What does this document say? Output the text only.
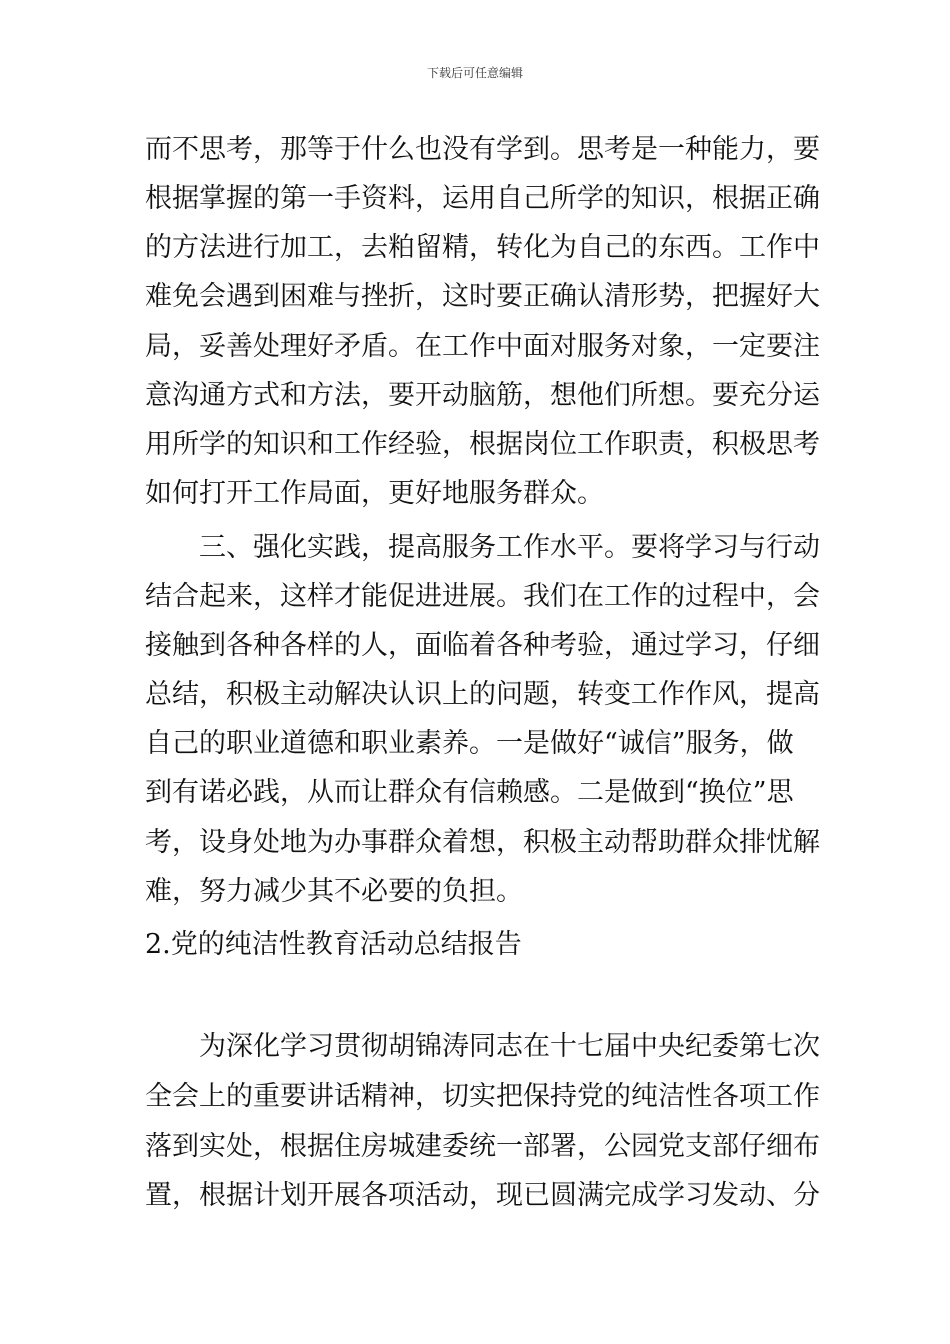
下载后可任意编辑
而不思考，那等于什么也没有学到。思考是一种能力，要
根据掌握的第一手资料，运用自己所学的知识，根据正确
的方法进行加工，去粕留精，转化为自己的东西。工作中
难免会遇到困难与挫折，这时要正确认清形势，把握好大
局，妥善处理好矛盾。在工作中面对服务对象，一定要注
意沟通方式和方法，要开动脑筋，想他们所想。要充分运
用所学的知识和工作经验，根据岗位工作职责，积极思考
如何打开工作局面，更好地服务群众。
三、强化实践，提高服务工作水平。要将学习与行动
结合起来，这样才能促进进展。我们在工作的过程中，会
接触到各种各样的人，面临着各种考验，通过学习，仔细
总结，积极主动解决认识上的问题，转变工作作风，提高
自己的职业道德和职业素养。一是做好“诚信”服务，做
到有诺必践，从而让群众有信赖感。二是做到“换位”思
考，设身处地为办事群众着想，积极主动帮助群众排忧解
难，努力减少其不必要的负担。
2.党的纯洁性教育活动总结报告
为深化学习贯彻胡锦涛同志在十七届中央纪委第七次
全会上的重要讲话精神，切实把保持党的纯洁性各项工作
落到实处，根据住房城建委统一部署，公园党支部仔细布
置，根据计划开展各项活动，现已圆满完成学习发动、分
